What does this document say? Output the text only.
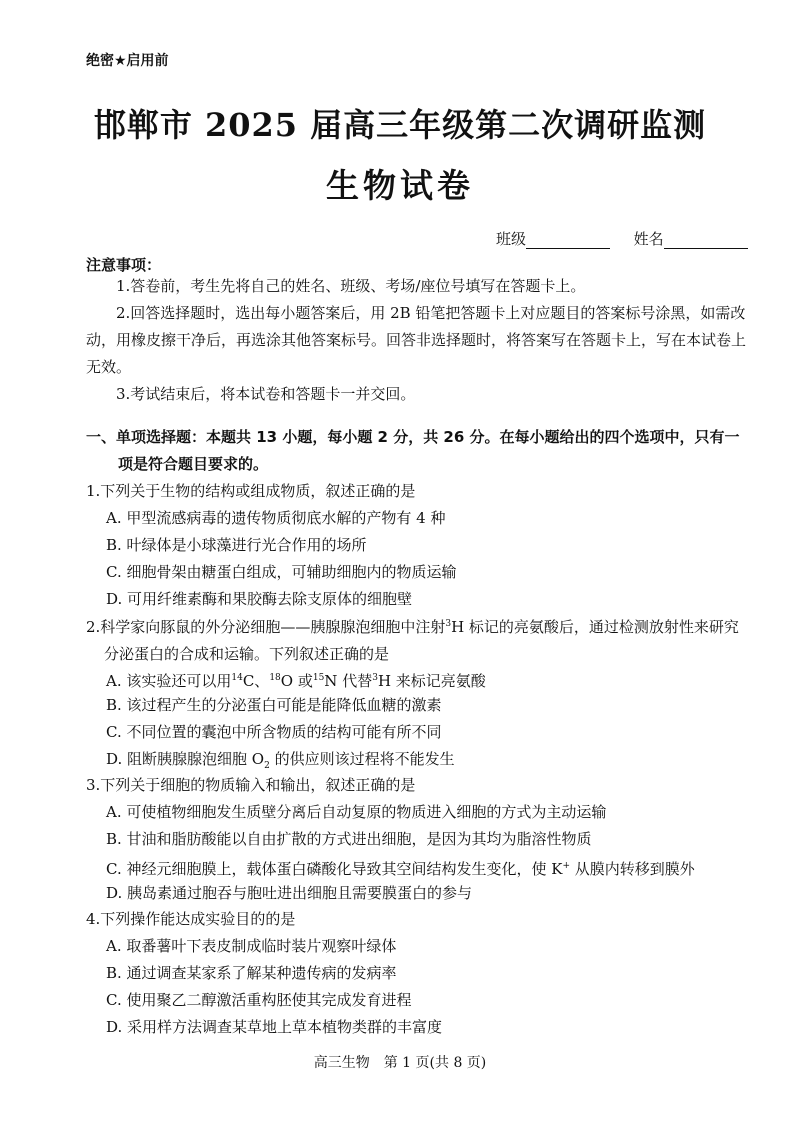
绝密★启用前
邯郸市 2025 届高三年级第二次调研监测
生物试卷
班级	姓名
注意事项：
1.答卷前，考生先将自己的姓名、班级、考场/座位号填写在答题卡上。
2.回答选择题时，选出每小题答案后，用 2B 铅笔把答题卡上对应题目的答案标号涂黑，如需改动，用橡皮擦干净后，再选涂其他答案标号。回答非选择题时，将答案写在答题卡上，写在本试卷上无效。
3.考试结束后，将本试卷和答题卡一并交回。
一、单项选择题：本题共 13 小题，每小题 2 分，共 26 分。在每小题给出的四个选项中，只有一项是符合题目要求的。
1.下列关于生物的结构或组成物质，叙述正确的是
A. 甲型流感病毒的遗传物质彻底水解的产物有 4 种
B. 叶绿体是小球藻进行光合作用的场所
C. 细胞骨架由糖蛋白组成，可辅助细胞内的物质运输
D. 可用纤维素酶和果胶酶去除支原体的细胞壁
2.科学家向豚鼠的外分泌细胞——胰腺腺泡细胞中注射$^3$H 标记的亮氨酸后，通过检测放射性来研究分泌蛋白的合成和运输。下列叙述正确的是
A. 该实验还可以用$^{14}$C、$^{18}$O 或$^{15}$N 代替$^3$H 来标记亮氨酸
B. 该过程产生的分泌蛋白可能是能降低血糖的激素
C. 不同位置的囊泡中所含物质的结构可能有所不同
D. 阻断胰腺腺泡细胞 $O_2$ 的供应则该过程将不能发生
3.下列关于细胞的物质输入和输出，叙述正确的是
A. 可使植物细胞发生质壁分离后自动复原的物质进入细胞的方式为主动运输
B. 甘油和脂肪酸能以自由扩散的方式进出细胞，是因为其均为脂溶性物质
C. 神经元细胞膜上，载体蛋白磷酸化导致其空间结构发生变化，使 K+ 从膜内转移到膜外
D. 胰岛素通过胞吞与胞吐进出细胞且需要膜蛋白的参与
4.下列操作能达成实验目的的是
A. 取番薯叶下表皮制成临时装片观察叶绿体
B. 通过调查某家系了解某种遗传病的发病率
C. 使用聚乙二醇激活重构胚使其完成发育进程
D. 采用样方法调查某草地上草本植物类群的丰富度
高三生物　第 1 页(共 8 页)
